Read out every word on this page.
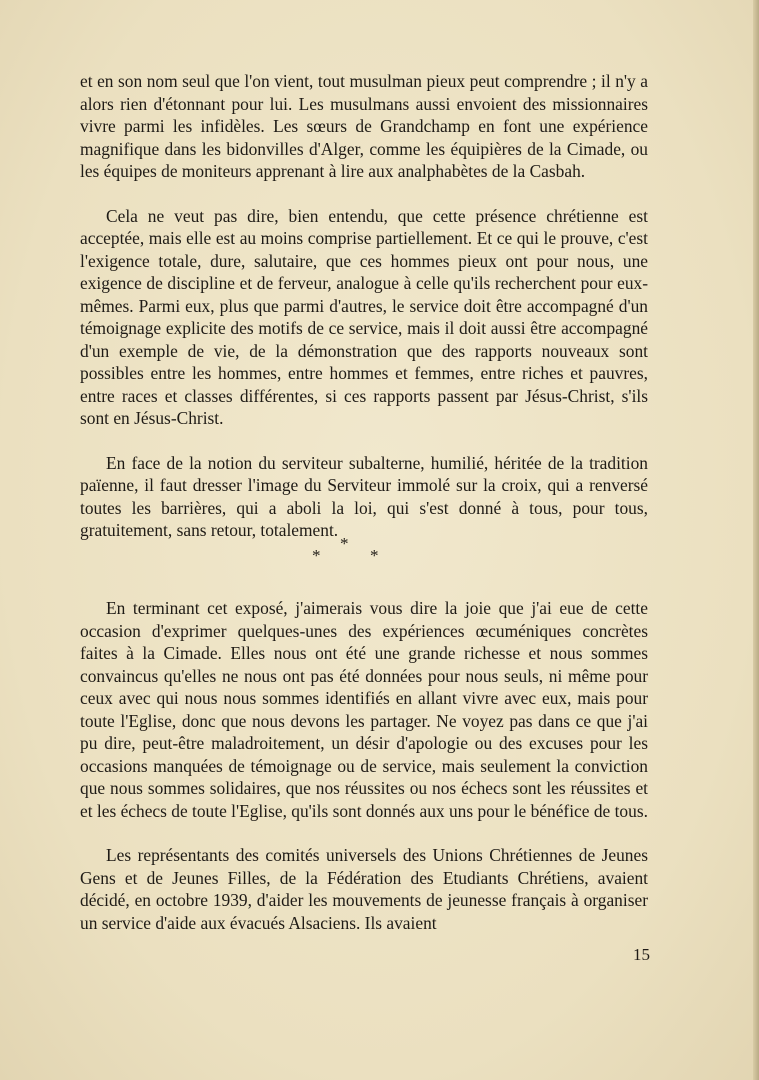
et en son nom seul que l'on vient, tout musulman pieux peut comprendre ; il n'y a alors rien d'étonnant pour lui. Les musulmans aussi envoient des missionnaires vivre parmi les infidèles. Les sœurs de Grandchamp en font une expérience magnifique dans les bidonvilles d'Alger, comme les équipières de la Cimade, ou les équipes de moniteurs apprenant à lire aux analphabètes de la Casbah.

Cela ne veut pas dire, bien entendu, que cette présence chrétienne est acceptée, mais elle est au moins comprise partiellement. Et ce qui le prouve, c'est l'exigence totale, dure, salutaire, que ces hommes pieux ont pour nous, une exigence de discipline et de ferveur, analogue à celle qu'ils recherchent pour eux-mêmes. Parmi eux, plus que parmi d'autres, le service doit être accompagné d'un témoignage explicite des motifs de ce service, mais il doit aussi être accompagné d'un exemple de vie, de la démonstration que des rapports nouveaux sont possibles entre les hommes, entre hommes et femmes, entre riches et pauvres, entre races et classes différentes, si ces rapports passent par Jésus-Christ, s'ils sont en Jésus-Christ.

En face de la notion du serviteur subalterne, humilié, héritée de la tradition païenne, il faut dresser l'image du Serviteur immolé sur la croix, qui a renversé toutes les barrières, qui a aboli la loi, qui s'est donné à tous, pour tous, gratuitement, sans retour, totalement.

*
*	*

En terminant cet exposé, j'aimerais vous dire la joie que j'ai eue de cette occasion d'exprimer quelques-unes des expériences œcuméniques concrètes faites à la Cimade. Elles nous ont été une grande richesse et nous sommes convaincus qu'elles ne nous ont pas été données pour nous seuls, ni même pour ceux avec qui nous nous sommes identifiés en allant vivre avec eux, mais pour toute l'Eglise, donc que nous devons les partager. Ne voyez pas dans ce que j'ai pu dire, peut-être maladroitement, un désir d'apologie ou des excuses pour les occasions manquées de témoignage ou de service, mais seulement la conviction que nous sommes solidaires, que nos réussites ou nos échecs sont les réussites et et les échecs de toute l'Eglise, qu'ils sont donnés aux uns pour le bénéfice de tous.

Les représentants des comités universels des Unions Chrétiennes de Jeunes Gens et de Jeunes Filles, de la Fédération des Etudiants Chrétiens, avaient décidé, en octobre 1939, d'aider les mouvements de jeunesse français à organiser un service d'aide aux évacués Alsaciens. Ils avaient

15
